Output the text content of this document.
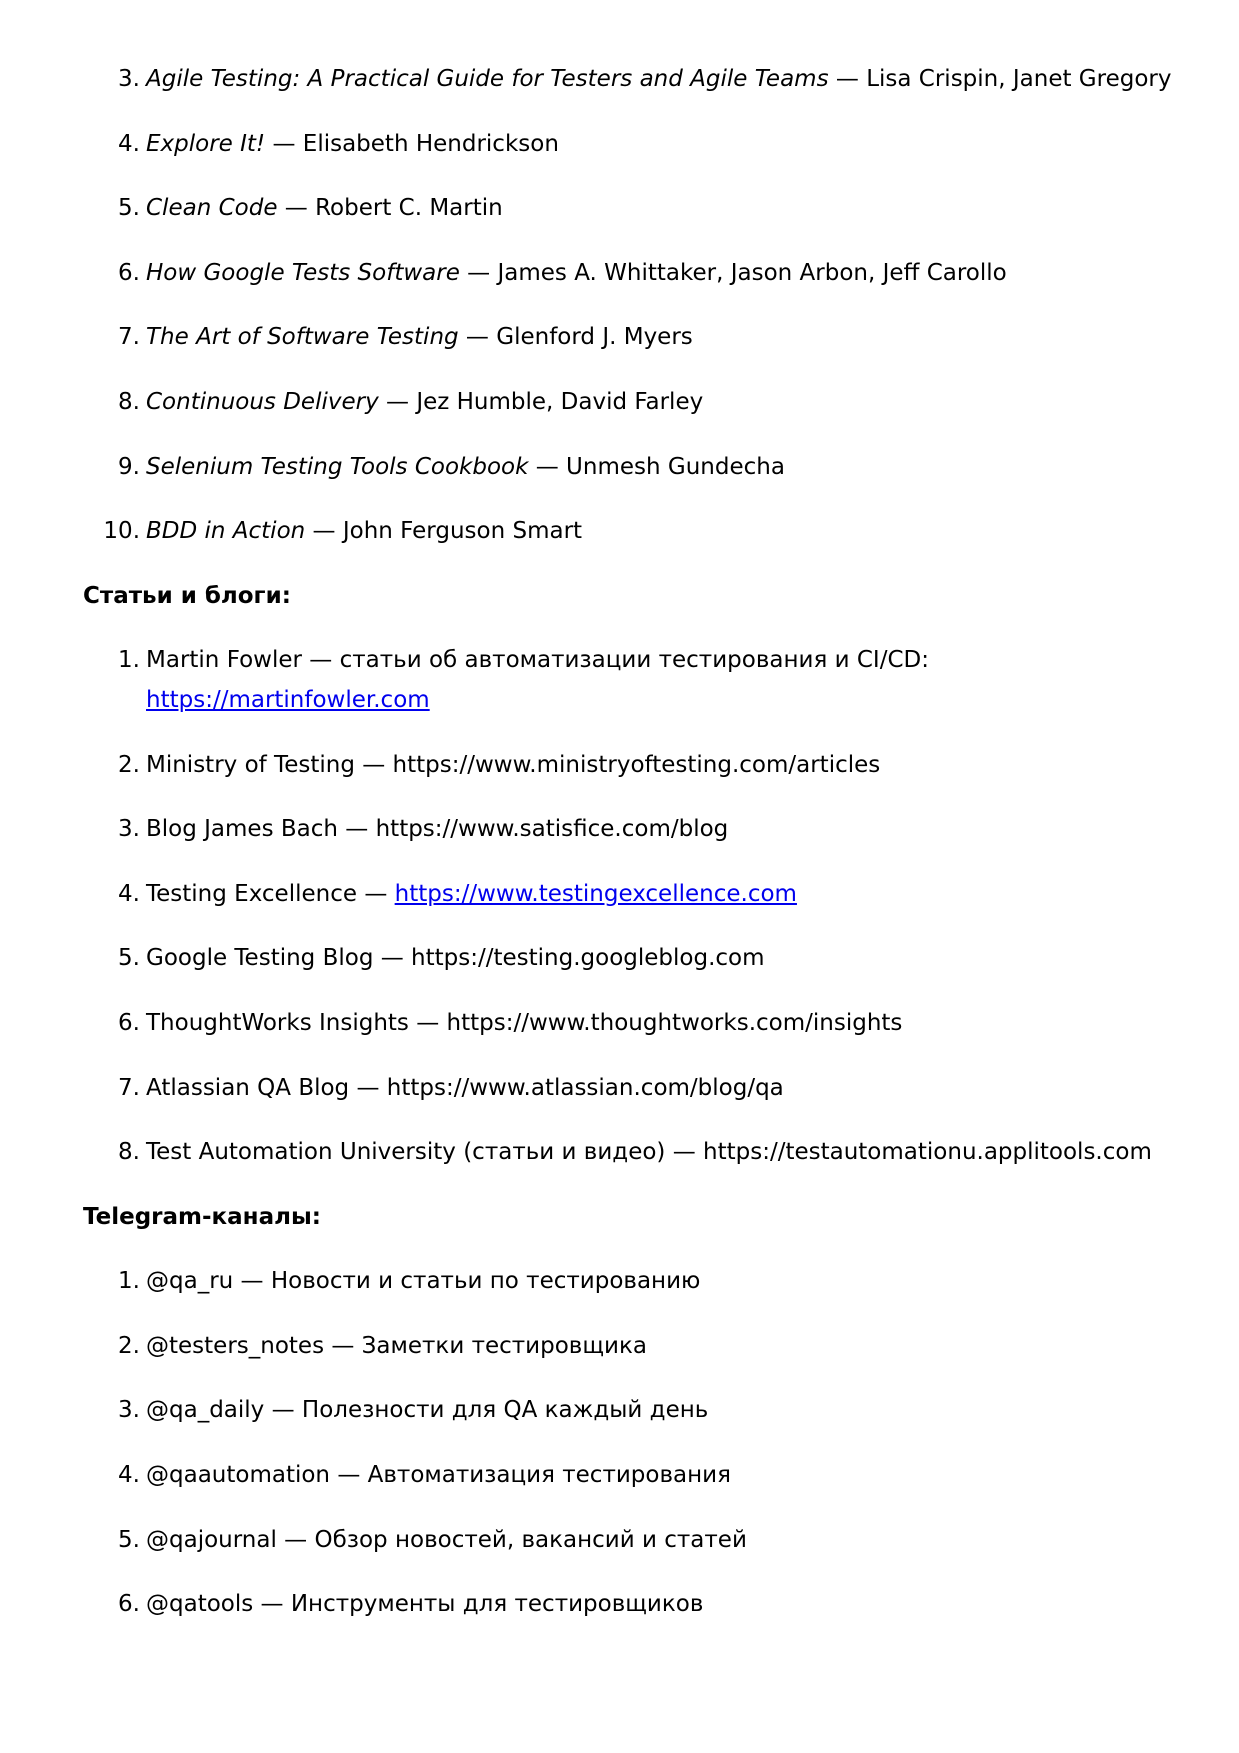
3. Agile Testing: A Practical Guide for Testers and Agile Teams — Lisa Crispin, Janet Gregory
4. Explore It! — Elisabeth Hendrickson
5. Clean Code — Robert C. Martin
6. How Google Tests Software — James A. Whittaker, Jason Arbon, Jeff Carollo
7. The Art of Software Testing — Glenford J. Myers
8. Continuous Delivery — Jez Humble, David Farley
9. Selenium Testing Tools Cookbook — Unmesh Gundecha
10. BDD in Action — John Ferguson Smart
Статьи и блоги:
1. Martin Fowler — статьи об автоматизации тестирования и CI/CD:
https://martinfowler.com
2. Ministry of Testing — https://www.ministryoftesting.com/articles
3. Blog James Bach — https://www.satisfice.com/blog
4. Testing Excellence — https://www.testingexcellence.com
5. Google Testing Blog — https://testing.googleblog.com
6. ThoughtWorks Insights — https://www.thoughtworks.com/insights
7. Atlassian QA Blog — https://www.atlassian.com/blog/qa
8. Test Automation University (статьи и видео) — https://testautomationu.applitools.com
Telegram-каналы:
1. @qa_ru — Новости и статьи по тестированию
2. @testers_notes — Заметки тестировщика
3. @qa_daily — Полезности для QA каждый день
4. @qaautomation — Автоматизация тестирования
5. @qajournal — Обзор новостей, вакансий и статей
6. @qatools — Инструменты для тестировщиков
